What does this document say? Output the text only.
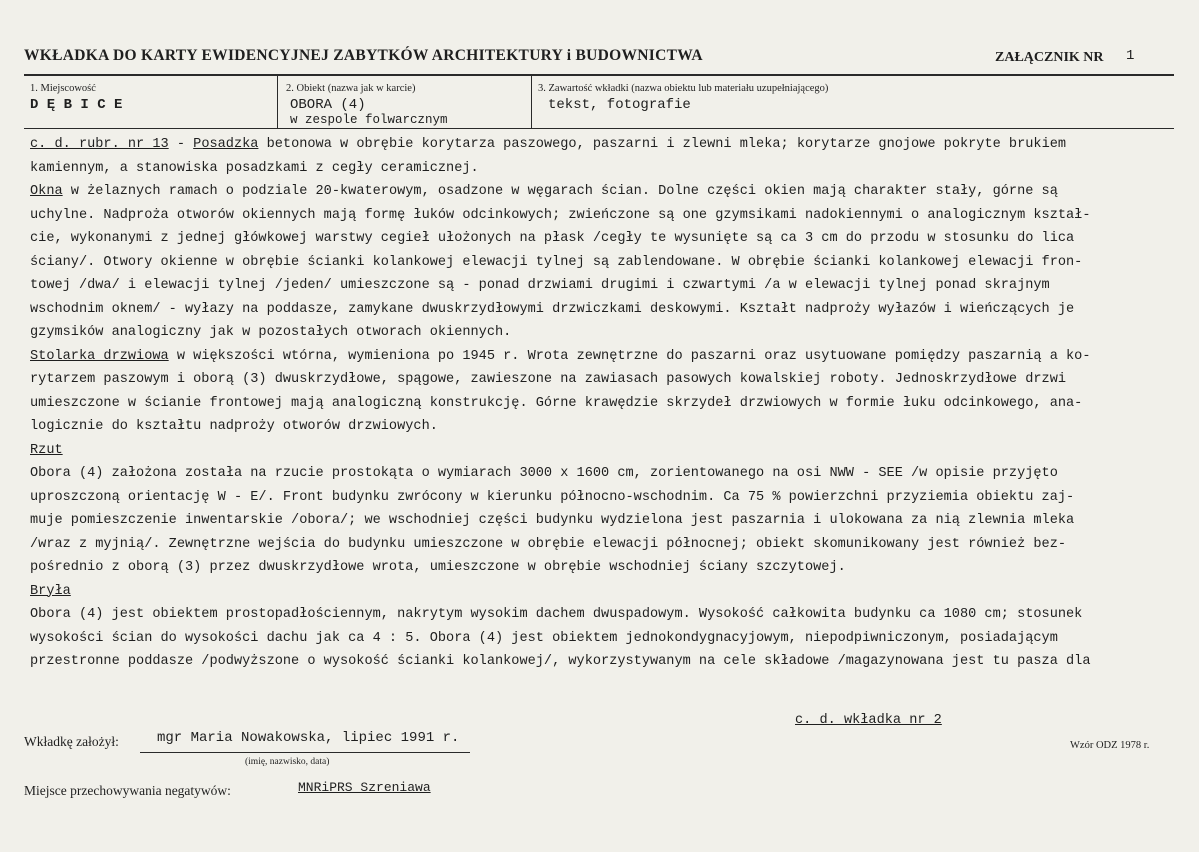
WKŁADKA DO KARTY EWIDENCYJNEJ ZABYTKÓW ARCHITEKTURY i BUDOWNICTWA	ZAŁĄCZNIK NR 1
1. Miejscowość
D Ę B I C E
2. Obiekt (nazwa jak w karcie)
OBORA (4)
w zespole folwarcznym
3. Zawartość wkładki (nazwa obiektu lub materiału uzupełniającego)
tekst, fotografie
c. d. rubr. nr 13 - Posadzka betonowa w obrębie korytarza paszowego, paszarni i zlewni mleka; korytarze gnojowe pokryte brukiem
kamiennym, a stanowiska posadzkami z cegły ceramicznej.
Okna w żelaznych ramach o podziale 20-kwaterowym, osadzone w węgarach ścian. Dolne części okien mają charakter stały, górne są
uchylne. Nadproża otworów okiennych mają formę łuków odcinkowych; zwieńczone są one gzymsikami nadokiennymi o analogicznym kształ-
cie, wykonanymi z jednej główkowej warstwy cegieł ułożonych na płask /cegły te wysunięte są ca 3 cm do przodu w stosunku do lica
ściany/. Otwory okienne w obrębie ścianki kolankowej elewacji tylnej są zablendowane. W obrębie ścianki kolankowej elewacji fron-
towej /dwa/ i elewacji tylnej /jeden/ umieszczone są - ponad drzwiami drugimi i czwartymi /a w elewacji tylnej ponad skrajnym
wschodnim oknem/ - wyłazy na poddasze, zamykane dwuskrzydłowymi drzwiczkami deskowymi. Kształt nadproży wyłazów i wieńczących je
gzymsików analogiczny jak w pozostałych otworach okiennych.
Stolarka drzwiowa w większości wtórna, wymieniona po 1945 r. Wrota zewnętrzne do paszarni oraz usytuowane pomiędzy paszarnią a ko-
rytarzem paszowym i oborą (3) dwuskrzydłowe, spągowe, zawieszone na zawiasach pasowych kowalskiej roboty. Jednoskrzydłowe drzwi
umieszczone w ścianie frontowej mają analogiczną konstrukcję. Górne krawędzie skrzydeł drzwiowych w formie łuku odcinkowego, ana-
logicznie do kształtu nadproży otworów drzwiowych.
Rzut
Obora (4) założona została na rzucie prostokąta o wymiarach 3000 x 1600 cm, zorientowanego na osi NWW - SEE /w opisie przyjęto
uproszczoną orientację W - E/. Front budynku zwrócony w kierunku północno-wschodnim. Ca 75 % powierzchni przyziemia obiektu zaj-
muje pomieszczenie inwentarskie /obora/; we wschodniej części budynku wydzielona jest paszarnia i ulokowana za nią zlewnia mleka
/wraz z myjnią/. Zewnętrzne wejścia do budynku umieszczone w obrębie elewacji północnej; obiekt skomunikowany jest również bez-
pośrednio z oborą (3) przez dwuskrzydłowe wrota, umieszczone w obrębie wschodniej ściany szczytowej.
Bryła
Obora (4) jest obiektem prostopadłościennym, nakrytym wysokim dachem dwuspadowym. Wysokość całkowita budynku ca 1080 cm; stosunek
wysokości ścian do wysokości dachu jak ca 4 : 5. Obora (4) jest obiektem jednokondygnacyjowym, niepodpiwniczonym, posiadającym
przestronne poddasze /podwyższone o wysokość ścianki kolankowej/, wykorzystywanym na cele składowe /magazynowana jest tu pasza dla
c. d. wkładka nr 2
Wkładkę założył:	mgr Maria Nowakowska, lipiec 1991 r.
(imię, nazwisko, data)
Wzór ODZ 1978 r.
Miejsce przechowywania negatywów:	MNRiPRS Szreniawa
